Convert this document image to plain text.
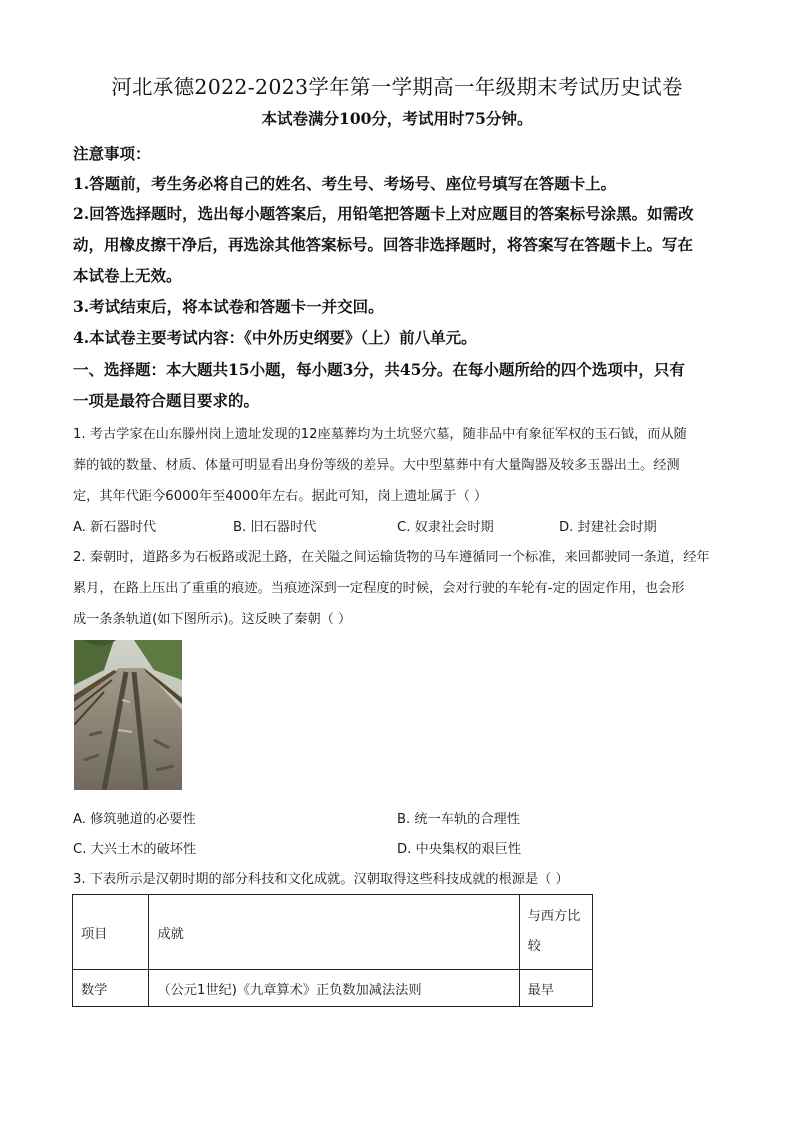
河北承德2022-2023学年第一学期高一年级期末考试历史试卷
本试卷满分100分，考试用时75分钟。
注意事项：
1.答题前，考生务必将自己的姓名、考生号、考场号、座位号填写在答题卡上。
2.回答选择题时，选出每小题答案后，用铅笔把答题卡上对应题目的答案标号涂黑。如需改
动，用橡皮擦干净后，再选涂其他答案标号。回答非选择题时，将答案写在答题卡上。写在
本试卷上无效。
3.考试结束后，将本试卷和答题卡一并交回。
4.本试卷主要考试内容：《中外历史纲要》（上）前八单元。
一、选择题：本大题共15小题，每小题3分，共45分。在每小题所给的四个选项中，只有
一项是最符合题目要求的。
1. 考古学家在山东滕州岗上遗址发现的12座墓葬均为土坑竖穴墓，随非品中有象征军权的玉石钺，而从随
葬的钺的数量、材质、体量可明显看出身份等级的差异。大中型墓葬中有大量陶器及较多玉器出土。经测
定，其年代距今6000年至4000年左右。据此可知，岗上遗址属于（ ）
A. 新石器时代	B. 旧石器时代	C. 奴隶社会时期	D. 封建社会时期
2. 秦朝时，道路多为石板路或泥土路，在关隘之间运输货物的马车遵循同一个标准，来回都驶同一条道，经年
累月，在路上压出了重重的痕迹。当痕迹深到一定程度的时候，会对行驶的车轮有-定的固定作用，也会形
成一条条轨道(如下图所示)。这反映了秦朝（ ）
A. 修筑驰道的必要性	B. 统一车轨的合理性
C. 大兴土木的破坏性	D. 中央集权的艰巨性
3. 下表所示是汉朝时期的部分科技和文化成就。汉朝取得这些科技成就的根源是（ ）
项目	成就	与西方比较
数学	（公元1世纪)《九章算术》正负数加减法法则	最早
